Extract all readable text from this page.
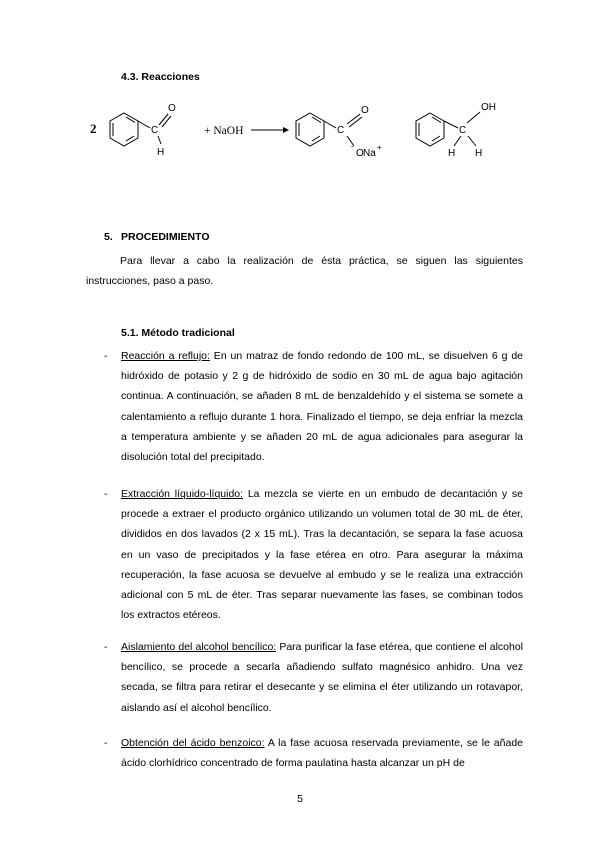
4.3. Reacciones
2	C
O
H
+ NaOH	C
O
-
O Na
+
C
OH
H H
5. PROCEDIMIENTO
Para llevar a cabo la realización de ésta práctica, se siguen las siguientes instrucciones, paso a paso.
5.1. Método tradicional
- Reacción a reflujo: En un matraz de fondo redondo de 100 mL, se disuelven 6 g de hidróxido de potasio y 2 g de hidróxido de sodio en 30 mL de agua bajo agitación continua. A continuación, se añaden 8 mL de benzaldehído y el sistema se somete a calentamiento a reflujo durante 1 hora. Finalizado el tiempo, se deja enfriar la mezcla a temperatura ambiente y se añaden 20 mL de agua adicionales para asegurar la disolución total del precipitado.
- Extracción líquido-líquido: La mezcla se vierte en un embudo de decantación y se procede a extraer el producto orgánico utilizando un volumen total de 30 mL de éter, divididos en dos lavados (2 x 15 mL). Tras la decantación, se separa la fase acuosa en un vaso de precipitados y la fase etérea en otro. Para asegurar la máxima recuperación, la fase acuosa se devuelve al embudo y se le realiza una extracción adicional con 5 mL de éter. Tras separar nuevamente las fases, se combinan todos los extractos etéreos.
- Aislamiento del alcohol bencílico: Para purificar la fase etérea, que contiene el alcohol bencílico, se procede a secarla añadiendo sulfato magnésico anhidro. Una vez secada, se filtra para retirar el desecante y se elimina el éter utilizando un rotavapor, aislando así el alcohol bencílico.
- Obtención del ácido benzoico: A la fase acuosa reservada previamente, se le añade ácido clorhídrico concentrado de forma paulatina hasta alcanzar un pH de
5
